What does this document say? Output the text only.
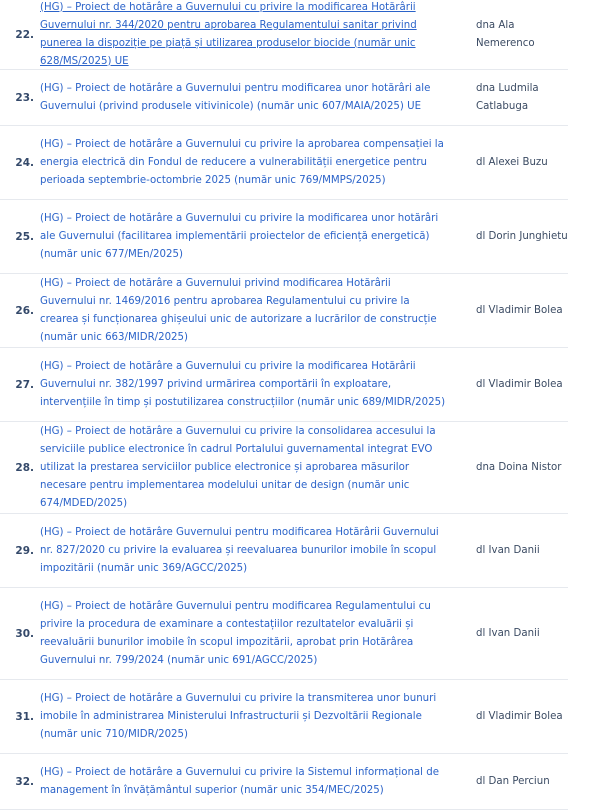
22.
(HG) – Proiect de hotărâre a Guvernului cu privire la modificarea Hotărârii Guvernului nr. 344/2020 pentru aprobarea Regulamentului sanitar privind punerea la dispoziție pe piață și utilizarea produselor biocide (număr unic 628/MS/2025) UE
dna Ala Nemerenco
23.
(HG) – Proiect de hotărâre a Guvernului pentru modificarea unor hotărâri ale Guvernului (privind produsele vitivinicole) (număr unic 607/MAIA/2025) UE
dna Ludmila Catlabuga
24.
(HG) – Proiect de hotărâre a Guvernului cu privire la aprobarea compensației la energia electrică din Fondul de reducere a vulnerabilității energetice pentru perioada septembrie-octombrie 2025 (număr unic 769/MMPS/2025)
dl Alexei Buzu
25.
(HG) – Proiect de hotărâre a Guvernului cu privire la modificarea unor hotărâri ale Guvernului (facilitarea implementării proiectelor de eficiență energetică) (număr unic 677/MEn/2025)
dl Dorin Junghietu
26.
(HG) – Proiect de hotărâre a Guvernului privind modificarea Hotărârii Guvernului nr. 1469/2016 pentru aprobarea Regulamentului cu privire la crearea și funcționarea ghișeului unic de autorizare a lucrărilor de construcție (număr unic 663/MIDR/2025)
dl Vladimir Bolea
27.
(HG) – Proiect de hotărâre a Guvernului cu privire la modificarea Hotărârii Guvernului nr. 382/1997 privind urmărirea comportării în exploatare, intervențiile în timp și postutilizarea construcțiilor (număr unic 689/MIDR/2025)
dl Vladimir Bolea
28.
(HG) – Proiect de hotărâre a Guvernului cu privire la consolidarea accesului la serviciile publice electronice în cadrul Portalului guvernamental integrat EVO utilizat la prestarea serviciilor publice electronice și aprobarea măsurilor necesare pentru implementarea modelului unitar de design (număr unic 674/MDED/2025)
dna Doina Nistor
29.
(HG) – Proiect de hotărâre Guvernului pentru modificarea Hotărârii Guvernului nr. 827/2020 cu privire la evaluarea și reevaluarea bunurilor imobile în scopul impozitării (număr unic 369/AGCC/2025)
dl Ivan Danii
30.
(HG) – Proiect de hotărâre Guvernului pentru modificarea Regulamentului cu privire la procedura de examinare a contestațiilor rezultatelor evaluării și reevaluării bunurilor imobile în scopul impozitării, aprobat prin Hotărârea Guvernului nr. 799/2024 (număr unic 691/AGCC/2025)
dl Ivan Danii
31.
(HG) – Proiect de hotărâre a Guvernului cu privire la transmiterea unor bunuri imobile în administrarea Ministerului Infrastructurii și Dezvoltării Regionale (număr unic 710/MIDR/2025)
dl Vladimir Bolea
32.
(HG) – Proiect de hotărâre a Guvernului cu privire la Sistemul informațional de management în învățământul superior (număr unic 354/MEC/2025)
dl Dan Perciun
